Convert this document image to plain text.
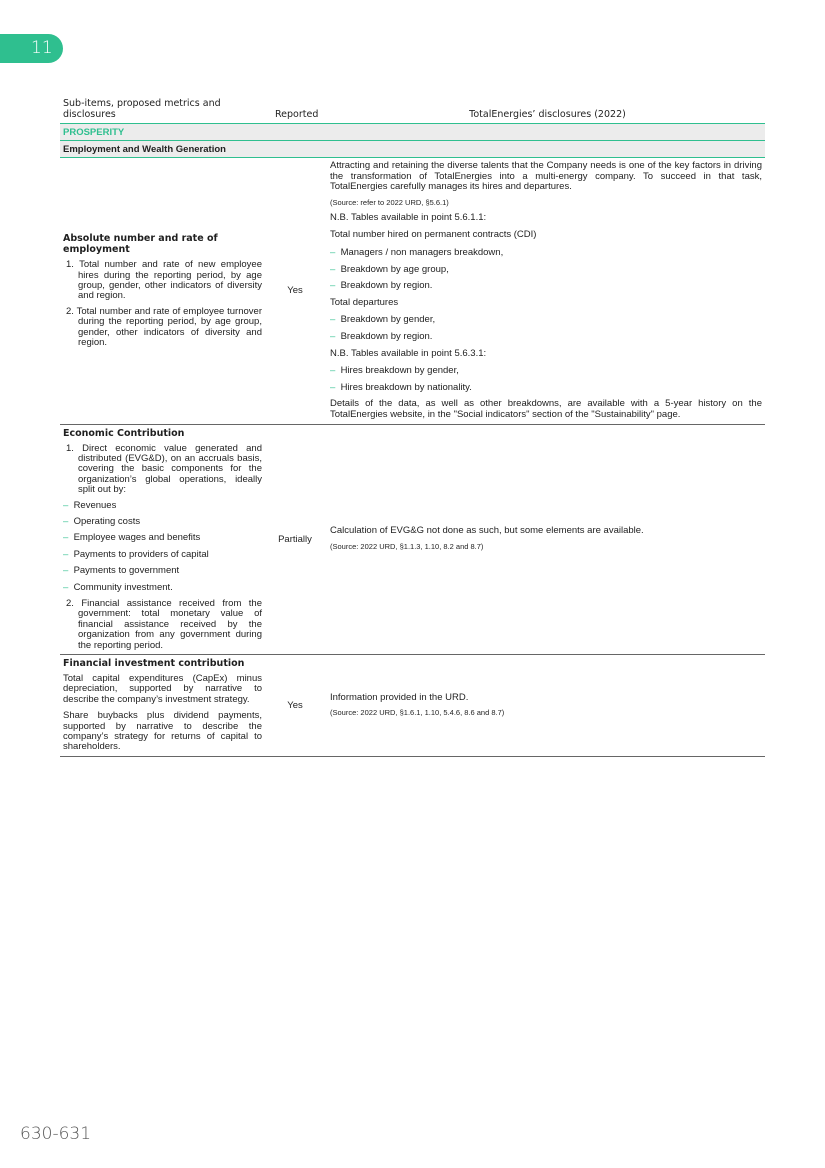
11
Sub-items, proposed metrics and disclosures	Reported	TotalEnergies’ disclosures (2022)
PROSPERITY
Employment and Wealth Generation
Absolute number and rate of employment
1. Total number and rate of new employee hires during the reporting period, by age group, gender, other indicators of diversity and region.
2. Total number and rate of employee turnover during the reporting period, by age group, gender, other indicators of diversity and region.
Yes
Attracting and retaining the diverse talents that the Company needs is one of the key factors in driving the transformation of TotalEnergies into a multi-energy company. To succeed in that task, TotalEnergies carefully manages its hires and departures.
(Source: refer to 2022 URD, §5.6.1)
N.B. Tables available in point 5.6.1.1:
Total number hired on permanent contracts (CDI)
–  Managers / non managers breakdown,
–  Breakdown by age group,
–  Breakdown by region.
Total departures
–  Breakdown by gender,
–  Breakdown by region.
N.B. Tables available in point 5.6.3.1:
–  Hires breakdown by gender,
–  Hires breakdown by nationality.
Details of the data, as well as other breakdowns, are available with a 5-year history on the TotalEnergies website, in the "Social indicators" section of the "Sustainability" page.
Economic Contribution
1. Direct economic value generated and distributed (EVG&D), on an accruals basis, covering the basic components for the organization’s global operations, ideally split out by:
–  Revenues
–  Operating costs
–  Employee wages and benefits
–  Payments to providers of capital
–  Payments to government
–  Community investment.
2. Financial assistance received from the government: total monetary value of financial assistance received by the organization from any government during the reporting period.
Partially
Calculation of EVG&G not done as such, but some elements are available.
(Source: 2022 URD, §1.1.3, 1.10, 8.2 and 8.7)
Financial investment contribution
Total capital expenditures (CapEx) minus depreciation, supported by narrative to describe the company’s investment strategy.
Share buybacks plus dividend payments, supported by narrative to describe the company’s strategy for returns of capital to shareholders.
Yes
Information provided in the URD.
(Source: 2022 URD, §1.6.1, 1.10, 5.4.6, 8.6 and 8.7)
630-631
